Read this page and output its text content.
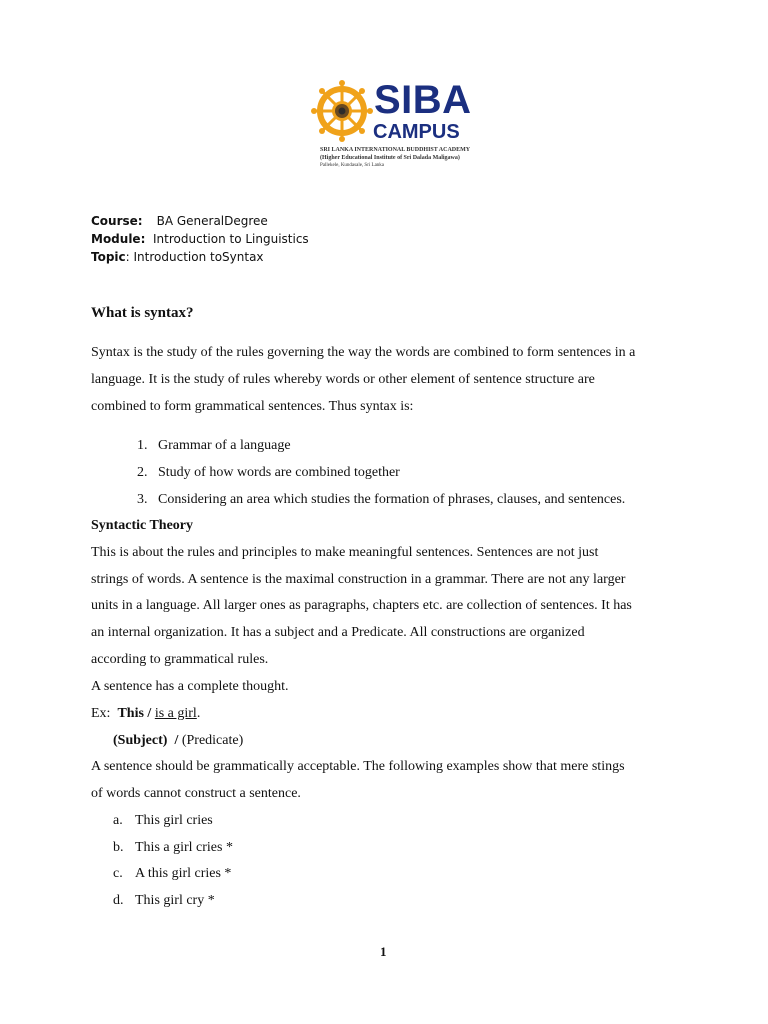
SIBA
CAMPUS
SRI LANKA INTERNATIONAL BUDDHIST ACADEMY
(Higher Educational Institute of Sri Dalada Maligawa)
Pallekele, Kundasale, Sri Lanka
Course: BA GeneralDegree
Module: Introduction to Linguistics
Topic: Introduction toSyntax
What is syntax?
Syntax is the study of the rules governing the way the words are combined to form sentences in a
language. It is the study of rules whereby words or other element of sentence structure are
combined to form grammatical sentences. Thus syntax is:
1. Grammar of a language
2. Study of how words are combined together
3. Considering an area which studies the formation of phrases, clauses, and sentences.
Syntactic Theory
This is about the rules and principles to make meaningful sentences. Sentences are not just
strings of words. A sentence is the maximal construction in a grammar. There are not any larger
units in a language. All larger ones as paragraphs, chapters etc. are collection of sentences. It has
an internal organization. It has a subject and a Predicate. All constructions are organized
according to grammatical rules.
A sentence has a complete thought.
Ex: This / is a girl.
(Subject) / (Predicate)
A sentence should be grammatically acceptable. The following examples show that mere stings
of words cannot construct a sentence.
a. This girl cries
b. This a girl cries *
c. A this girl cries *
d. This girl cry *
1
